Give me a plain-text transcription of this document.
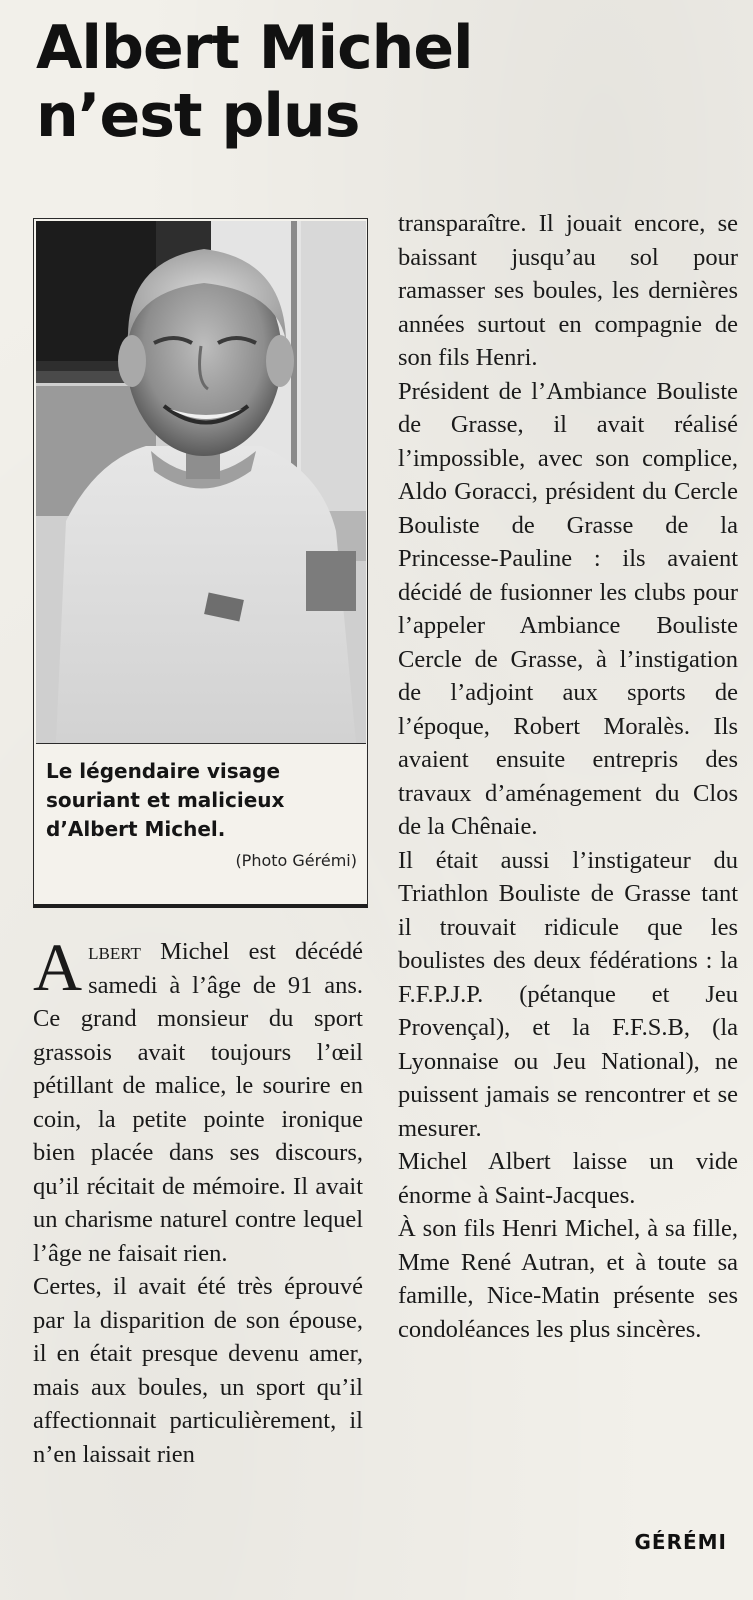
Albert Michel
n’est plus
Le légendaire visage souriant et malicieux d’Albert Michel.
(Photo Gérémi)

Albert Michel est décédé samedi à l’âge de 91 ans. Ce grand monsieur du sport grassois avait toujours l’œil pétillant de malice, le sourire en coin, la petite pointe ironique bien placée dans ses discours, qu’il récitait de mémoire. Il avait un charisme naturel contre lequel l’âge ne faisait rien.

Certes, il avait été très éprouvé par la disparition de son épouse, il en était presque devenu amer, mais aux boules, un sport qu’il affectionnait particulièrement, il n’en laissait rien

transparaître. Il jouait encore, se baissant jusqu’au sol pour ramasser ses boules, les dernières années surtout en compagnie de son fils Henri.

Président de l’Ambiance Bouliste de Grasse, il avait réalisé l’impossible, avec son complice, Aldo Goracci, président du Cercle Bouliste de Grasse de la Princesse-Pauline : ils avaient décidé de fusionner les clubs pour l’appeler Ambiance Bouliste Cercle de Grasse, à l’instigation de l’adjoint aux sports de l’époque, Robert Moralès. Ils avaient ensuite entrepris des travaux d’aménagement du Clos de la Chênaie.

Il était aussi l’instigateur du Triathlon Bouliste de Grasse tant il trouvait ridicule que les boulistes des deux fédérations : la F.F.P.J.P. (pétanque et Jeu Provençal), et la F.F.S.B, (la Lyonnaise ou Jeu National), ne puissent jamais se rencontrer et se mesurer.

Michel Albert laisse un vide énorme à Saint-Jacques.

À son fils Henri Michel, à sa fille, Mme René Autran, et à toute sa famille, Nice-Matin présente ses condoléances les plus sincères.

GÉRÉMI
